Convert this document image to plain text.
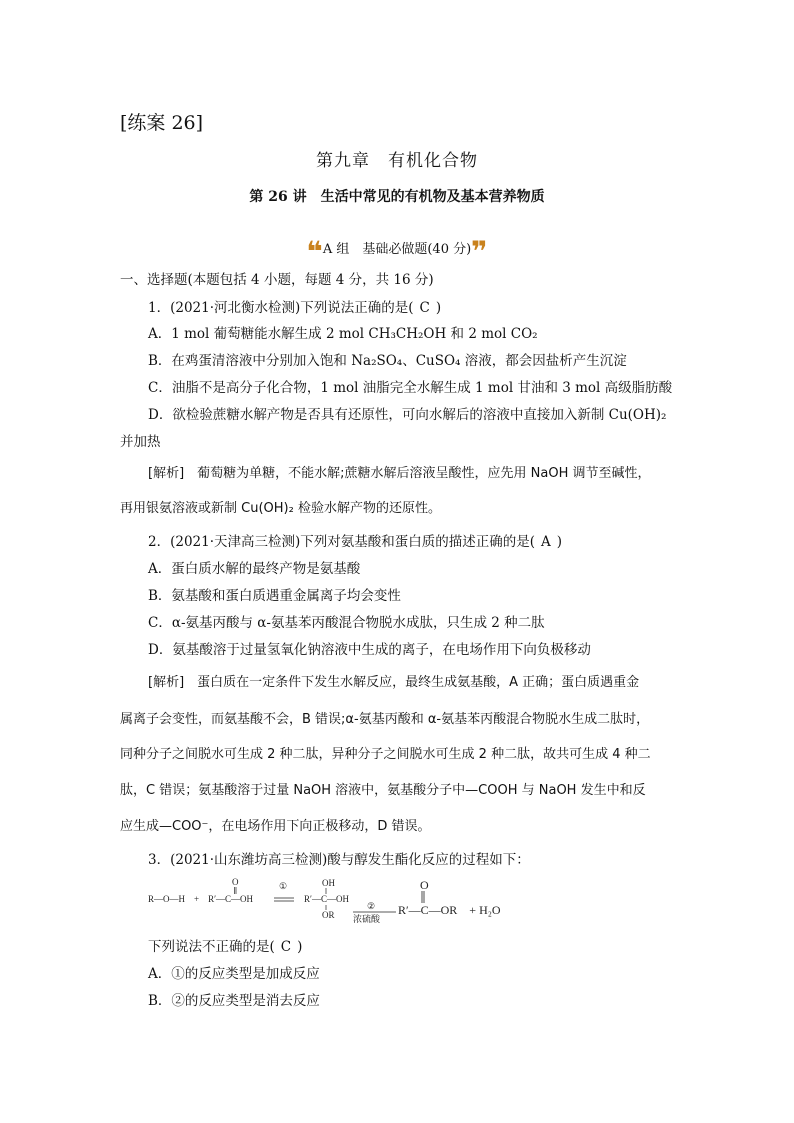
[练案 26]
第九章　有机化合物
第 26 讲　生活中常见的有机物及基本营养物质
❝A 组　基础必做题(40 分)❞
一、选择题(本题包括 4 小题，每题 4 分，共 16 分)
1．(2021·河北衡水检测)下列说法正确的是( C )
A．1 mol 葡萄糖能水解生成 2 mol CH₃CH₂OH 和 2 mol CO₂
B．在鸡蛋清溶液中分别加入饱和 Na₂SO₄、CuSO₄ 溶液，都会因盐析产生沉淀
C．油脂不是高分子化合物，1 mol 油脂完全水解生成 1 mol 甘油和 3 mol 高级脂肪酸
D．欲检验蔗糖水解产物是否具有还原性，可向水解后的溶液中直接加入新制 Cu(OH)₂
并加热
[解析]　葡萄糖为单糖，不能水解;蔗糖水解后溶液呈酸性，应先用 NaOH 调节至碱性，
再用银氨溶液或新制 Cu(OH)₂ 检验水解产物的还原性。
2．(2021·天津高三检测)下列对氨基酸和蛋白质的描述正确的是( A )
A．蛋白质水解的最终产物是氨基酸
B．氨基酸和蛋白质遇重金属离子均会变性
C．α-氨基丙酸与 α-氨基苯丙酸混合物脱水成肽，只生成 2 种二肽
D．氨基酸溶于过量氢氧化钠溶液中生成的离子，在电场作用下向负极移动
[解析]　蛋白质在一定条件下发生水解反应，最终生成氨基酸，A 正确；蛋白质遇重金
属离子会变性，而氨基酸不会，B 错误;α-氨基丙酸和 α-氨基苯丙酸混合物脱水生成二肽时，
同种分子之间脱水可生成 2 种二肽，异种分子之间脱水可生成 2 种二肽，故共可生成 4 种二
肽，C 错误；氨基酸溶于过量 NaOH 溶液中，氨基酸分子中—COOH 与 NaOH 发生中和反
应生成—COO⁻，在电场作用下向正极移动，D 错误。
3．(2021·山东潍坊高三检测)酸与醇发生酯化反应的过程如下：
R—O—H　+　R′—C—OH
O	①
R′—C—OH
OH
OR
②
浓硫酸
R′—C—OR　+ H₂O
O
下列说法不正确的是( C )
A．①的反应类型是加成反应
B．②的反应类型是消去反应
